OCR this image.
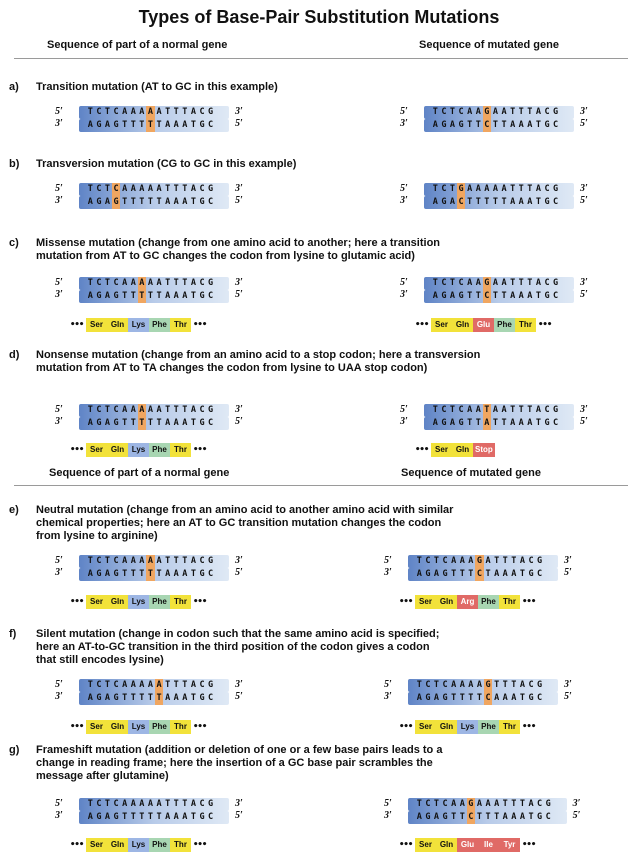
Types of Base-Pair Substitution Mutations
Sequence of part of a normal gene	Sequence of mutated gene
Sequence of part of a normal gene	Sequence of mutated gene
a) Transition mutation (AT to GC in this example)
5′
3′
T C T C A A A A A T T T A C G
A G A G T T T T T A A A T G C
3′
5′
5′
3′
T C T C A A G A A T T T A C G
A G A G T T C T T A A A T G C
3′
5′
b) Transversion mutation (CG to GC in this example)
5′
3′
T C T C A A A A A T T T A C G
A G A G T T T T T A A A T G C
3′
5′
5′
3′
T C T G A A A A A T T T A C G
A G A C T T T T T A A A T G C
3′
5′
c) Missense mutation (change from one amino acid to another; here a transition
mutation from AT to GC changes the codon from lysine to glutamic acid)
5′
3′
T C T C A A A A A T T T A C G
A G A G T T T T T A A A T G C
3′
5′
••• Ser Gln Lys Phe Thr •••
5′
3′
T C T C A A G A A T T T A C G
A G A G T T C T T A A A T G C
3′
5′
••• Ser Gln Glu Phe Thr •••
d) Nonsense mutation (change from an amino acid to a stop codon; here a transversion
mutation from AT to TA changes the codon from lysine to UAA stop codon)
5′
3′
T C T C A A A A A T T T A C G
A G A G T T T T T A A A T G C
3′
5′
••• Ser Gln Lys Phe Thr •••
5′
3′
T C T C A A T A A T T T A C G
A G A G T T A T T A A A T G C
3′
5′
••• Ser Gln Stop
e) Neutral mutation (change from an amino acid to another amino acid with similar
chemical properties; here an AT to GC transition mutation changes the codon
from lysine to arginine)
5′
3′
T C T C A A A A A T T T A C G
A G A G T T T T T A A A T G C
3′
5′
••• Ser Gln Lys Phe Thr •••
5′
3′
T C T C A A A G A T T T A C G
A G A G T T T C T A A A T G C
3′
5′
••• Ser Gln Arg Phe Thr •••
f) Silent mutation (change in codon such that the same amino acid is specified;
here an AT-to-GC transition in the third position of the codon gives a codon
that still encodes lysine)
5′
3′
T C T C A A A A A T T T A C G
A G A G T T T T T A A A T G C
3′
5′
••• Ser Gln Lys Phe Thr •••
5′
3′
T C T C A A A A G T T T A C G
A G A G T T T T C A A A T G C
3′
5′
••• Ser Gln Lys Phe Thr •••
g) Frameshift mutation (addition or deletion of one or a few base pairs leads to a
change in reading frame; here the insertion of a GC base pair scrambles the
message after glutamine)
5′
3′
T C T C A A A A A T T T A C G
A G A G T T T T T A A A T G C
3′
5′
••• Ser Gln Lys Phe Thr •••
5′
3′
T C T C A A G A A A T T T A C G
A G A G T T C T T T A A A T G C
3′
5′
••• Ser Gln Glu	Ile	Tyr •••
